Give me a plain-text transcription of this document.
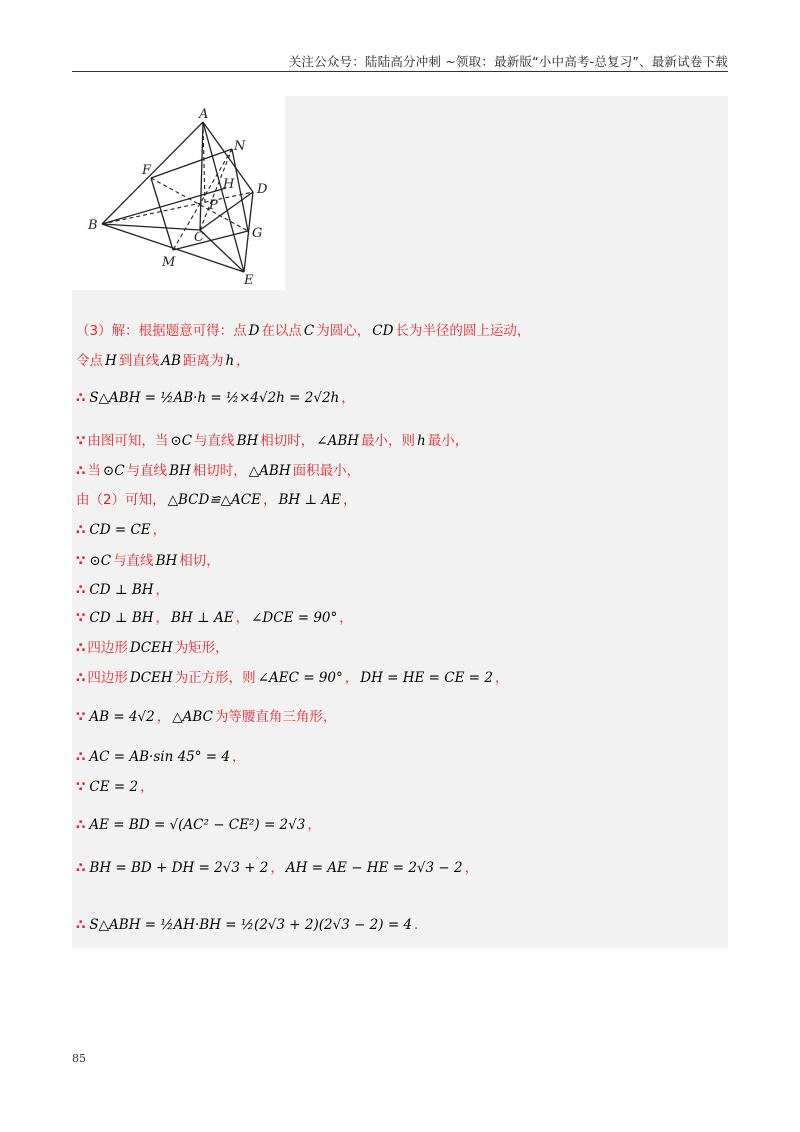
关注公众号：陆陆高分冲刺 ~领取：最新版“小中高考-总复习”、最新试卷下载
A
N
F
H D
P
B
C	G
M
E
（3）解：根据题意可得：点 D 在以点 C 为圆心， CD 长为半径的圆上运动，
令点 H 到直线 AB 距离为 h ，
∴ S△ABH = ½AB·h = ½×4√2h = 2√2h ，
∵ 由图可知，当 ⊙C 与直线 BH 相切时， ∠ABH 最小，则 h 最小，
∴ 当 ⊙C 与直线 BH 相切时， △ABH 面积最小，
由（2）可知， △BCD≌△ACE ， BH ⊥ AE ，
∴ CD = CE ，
∵ ⊙C 与直线 BH 相切，
∴ CD ⊥ BH ，
∵ CD ⊥ BH ， BH ⊥ AE ， ∠DCE = 90° ，
∴ 四边形 DCEH 为矩形，
∴ 四边形 DCEH 为正方形，则 ∠AEC = 90° ， DH = HE = CE = 2 ，
∵ AB = 4√2 ， △ABC 为等腰直角三角形，
∴ AC = AB·sin 45° = 4 ，
∵ CE = 2 ，
∴ AE = BD = √(AC² − CE²) = 2√3 ，
∴ BH = BD + DH = 2√3 + 2 ， AH = AE − HE = 2√3 − 2 ，
∴ S△ABH = ½AH·BH = ½(2√3 + 2)(2√3 − 2) = 4 .
85
